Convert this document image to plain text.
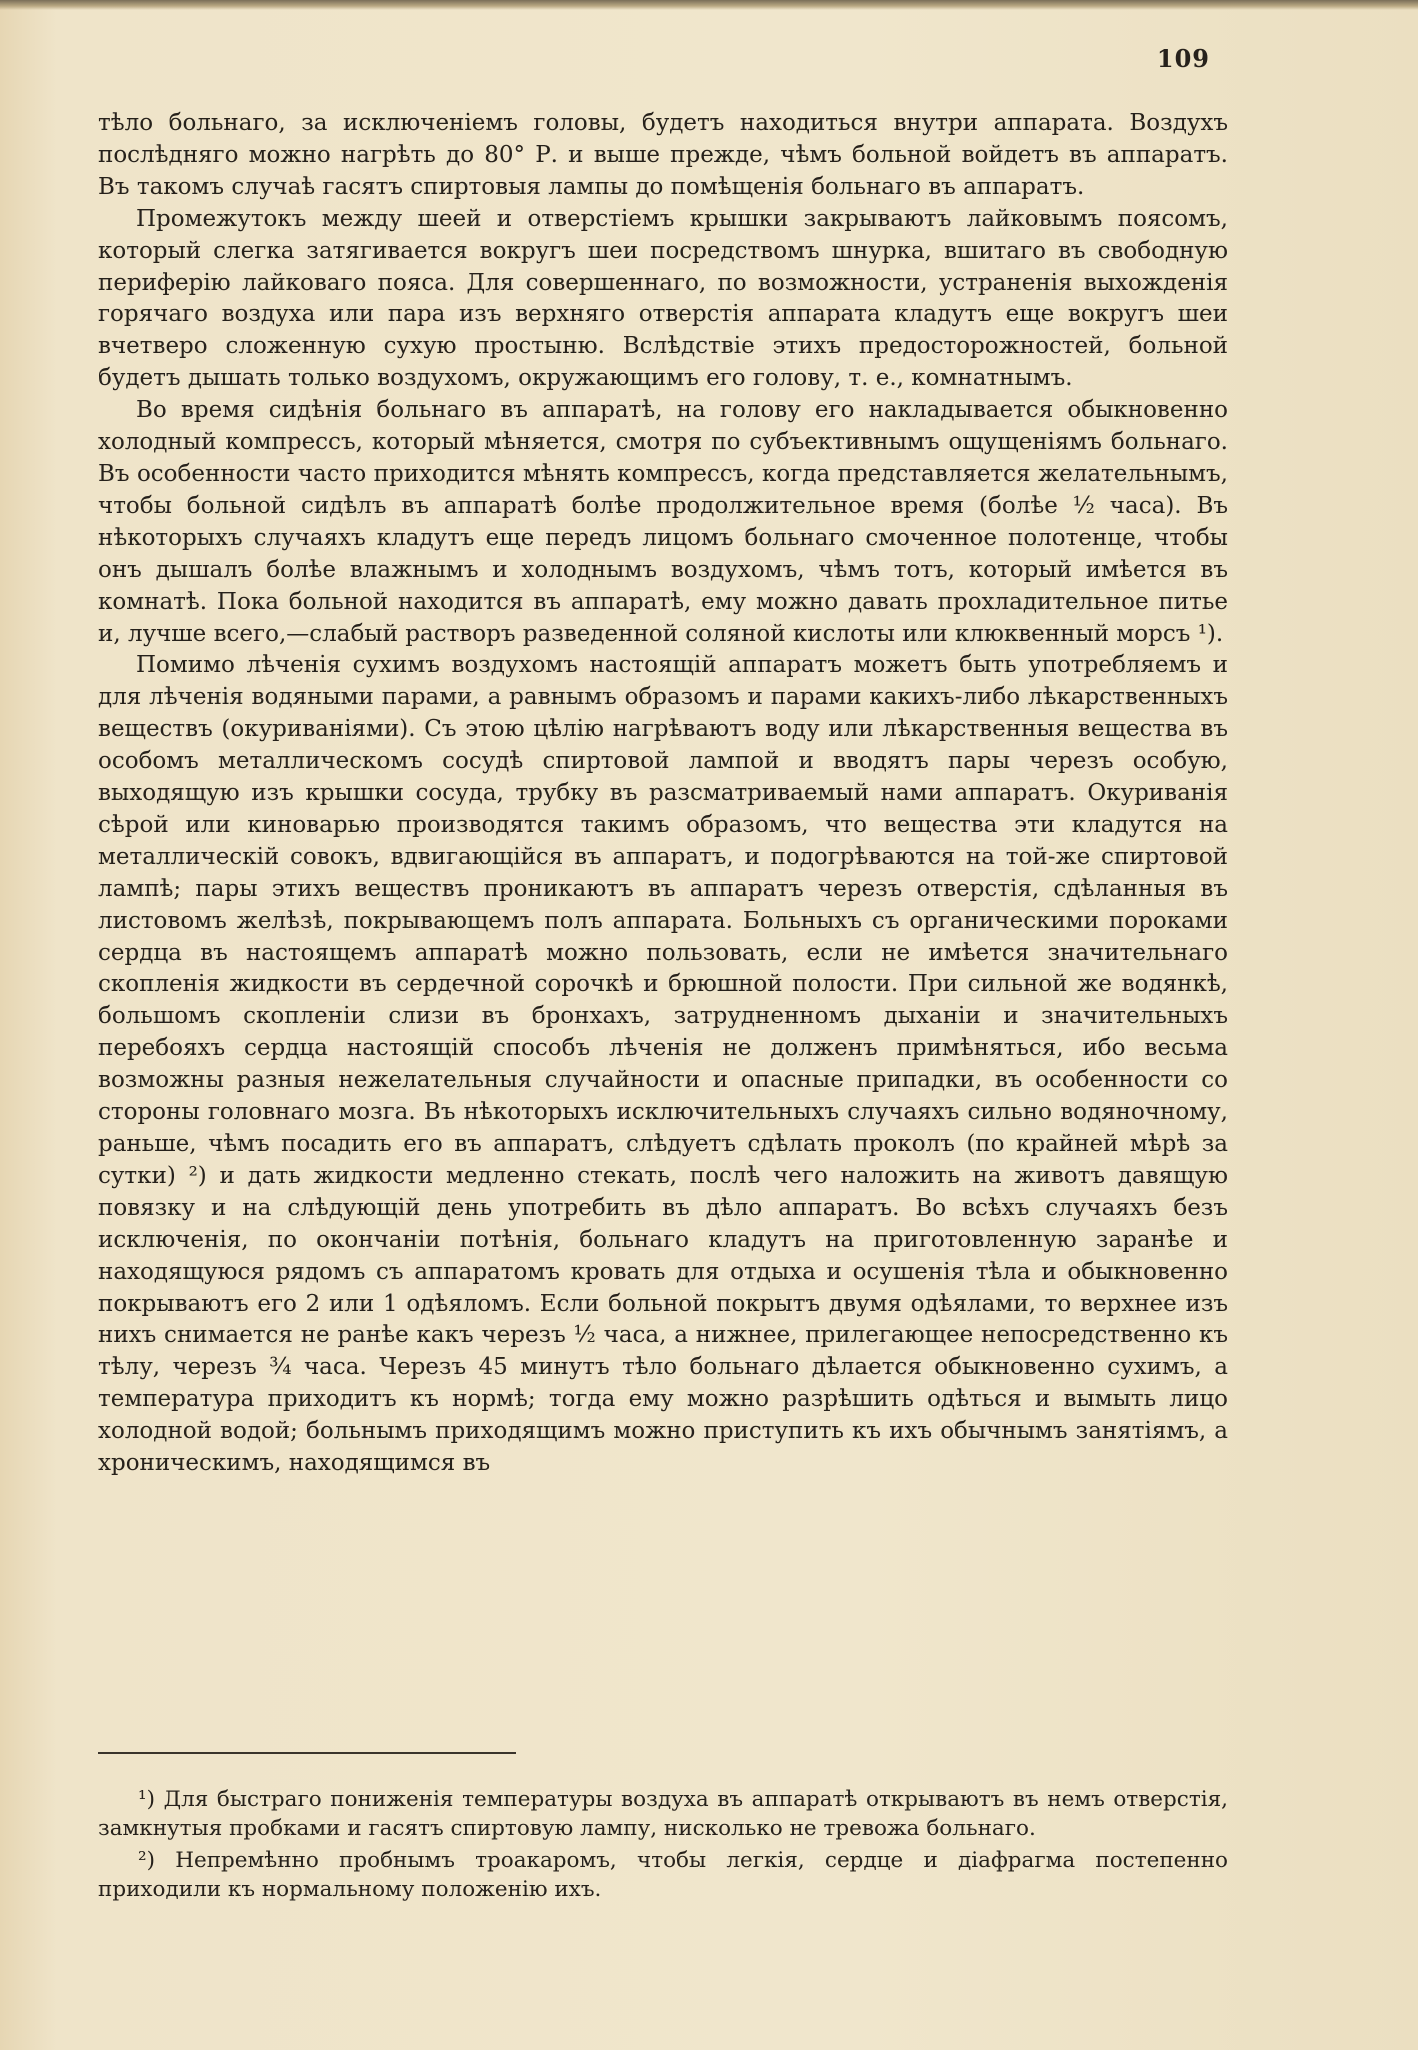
109

тѣло больнаго, за исключеніемъ головы, будетъ находиться внутри аппарата. Воздухъ послѣдняго можно нагрѣть до 80° Р. и выше прежде, чѣмъ больной войдетъ въ аппаратъ. Въ такомъ случаѣ гасятъ спиртовыя лампы до помѣщенія больнаго въ аппаратъ.

Промежутокъ между шеей и отверстіемъ крышки закрываютъ лайковымъ поясомъ, который слегка затягивается вокругъ шеи посредствомъ шнурка, вшитаго въ свободную периферію лайковаго пояса. Для совершеннаго, по возможности, устраненія выхожденія горячаго воздуха или пара изъ верхняго отверстія аппарата кладутъ еще вокругъ шеи вчетверо сложенную сухую простыню. Вслѣдствіе этихъ предосторожностей, больной будетъ дышать только воздухомъ, окружающимъ его голову, т. е., комнатнымъ.

Во время сидѣнія больнаго въ аппаратѣ, на голову его накладывается обыкновенно холодный компрессъ, который мѣняется, смотря по субъективнымъ ощущеніямъ больнаго. Въ особенности часто приходится мѣнять компрессъ, когда представляется желательнымъ, чтобы больной сидѣлъ въ аппаратѣ болѣе продолжительное время (болѣе ½ часа). Въ нѣкоторыхъ случаяхъ кладутъ еще передъ лицомъ больнаго смоченное полотенце, чтобы онъ дышалъ болѣе влажнымъ и холоднымъ воздухомъ, чѣмъ тотъ, который имѣется въ комнатѣ. Пока больной находится въ аппаратѣ, ему можно давать прохладительное питье и, лучше всего,—слабый растворъ разведенной соляной кислоты или клюквенный морсъ ¹).

Помимо лѣченія сухимъ воздухомъ настоящій аппаратъ можетъ быть употребляемъ и для лѣченія водяными парами, а равнымъ образомъ и парами какихъ-либо лѣкарственныхъ веществъ (окуриваніями). Съ этою цѣлію нагрѣваютъ воду или лѣкарственныя вещества въ особомъ металлическомъ сосудѣ спиртовой лампой и вводятъ пары черезъ особую, выходящую изъ крышки сосуда, трубку въ разсматриваемый нами аппаратъ. Окуриванія сѣрой или киноварью производятся такимъ образомъ, что вещества эти кладутся на металлическій совокъ, вдвигающійся въ аппаратъ, и подогрѣваются на той-же спиртовой лампѣ; пары этихъ веществъ проникаютъ въ аппаратъ черезъ отверстія, сдѣланныя въ листовомъ желѣзѣ, покрывающемъ полъ аппарата. Больныхъ съ органическими пороками сердца въ настоящемъ аппаратѣ можно пользовать, если не имѣется значительнаго скопленія жидкости въ сердечной сорочкѣ и брюшной полости. При сильной же водянкѣ, большомъ скопленіи слизи въ бронхахъ, затрудненномъ дыханіи и значительныхъ перебояхъ сердца настоящій способъ лѣченія не долженъ примѣняться, ибо весьма возможны разныя нежелательныя случайности и опасные припадки, въ особенности со стороны головнаго мозга. Въ нѣкоторыхъ исключительныхъ случаяхъ сильно водяночному, раньше, чѣмъ посадить его въ аппаратъ, слѣдуетъ сдѣлать проколъ (по крайней мѣрѣ за сутки) ²) и дать жидкости медленно стекать, послѣ чего наложить на животъ давящую повязку и на слѣдующій день употребить въ дѣло аппаратъ. Во всѣхъ случаяхъ безъ исключенія, по окончаніи потѣнія, больнаго кладутъ на приготовленную заранѣе и находящуюся рядомъ съ аппаратомъ кровать для отдыха и осушенія тѣла и обыкновенно покрываютъ его 2 или 1 одѣяломъ. Если больной покрытъ двумя одѣялами, то верхнее изъ нихъ снимается не ранѣе какъ черезъ ½ часа, а нижнее, прилегающее непосредственно къ тѣлу, черезъ ¾ часа. Черезъ 45 минутъ тѣло больнаго дѣлается обыкновенно сухимъ, а температура приходитъ къ нормѣ; тогда ему можно разрѣшить одѣться и вымыть лицо холодной водой; больнымъ приходящимъ можно приступить къ ихъ обычнымъ занятіямъ, а хроническимъ, находящимся въ

¹) Для быстраго пониженія температуры воздуха въ аппаратѣ открываютъ въ немъ отверстія, замкнутыя пробками и гасятъ спиртовую лампу, нисколько не тревожа больнаго.

²) Непремѣнно пробнымъ троакаромъ, чтобы легкія, сердце и діафрагма постепенно приходили къ нормальному положенію ихъ.
